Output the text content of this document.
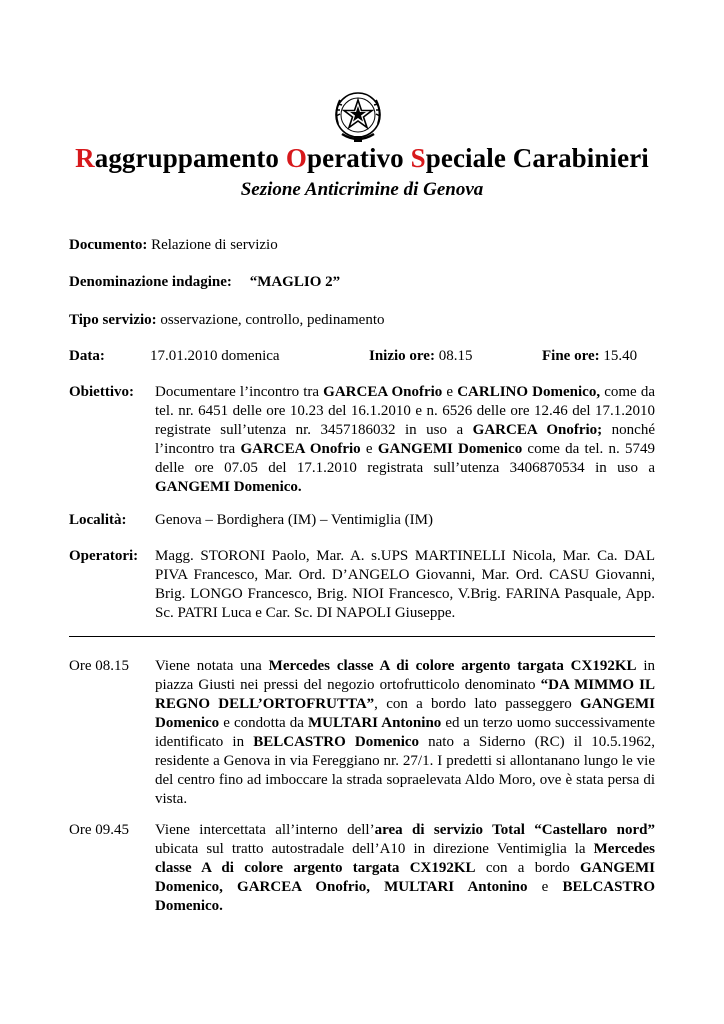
Raggruppamento Operativo Speciale Carabinieri
Sezione Anticrimine di Genova
Documento: Relazione di servizio
Denominazione indagine: “MAGLIO 2”
Tipo servizio: osservazione, controllo, pedinamento
Data:	17.01.2010 domenica	Inizio ore: 08.15	Fine ore: 15.40
Obiettivo: Documentare l’incontro tra GARCEA Onofrio e CARLINO Domenico, come da tel. nr. 6451 delle ore 10.23 del 16.1.2010 e n. 6526 delle ore 12.46 del 17.1.2010 registrate sull’utenza nr. 3457186032 in uso a GARCEA Onofrio; nonché l’incontro tra GARCEA Onofrio e GANGEMI Domenico come da tel. n. 5749 delle ore 07.05 del 17.1.2010 registrata sull’utenza 3406870534 in uso a GANGEMI Domenico.
Località: Genova – Bordighera (IM) – Ventimiglia (IM)
Operatori: Magg. STORONI Paolo, Mar. A. s.UPS MARTINELLI Nicola, Mar. Ca. DAL PIVA Francesco, Mar. Ord. D’ANGELO Giovanni, Mar. Ord. CASU Giovanni, Brig. LONGO Francesco, Brig. NIOI Francesco, V.Brig. FARINA Pasquale, App. Sc. PATRI Luca e Car. Sc. DI NAPOLI Giuseppe.
Ore 08.15 Viene notata una Mercedes classe A di colore argento targata CX192KL in piazza Giusti nei pressi del negozio ortofrutticolo denominato “DA MIMMO IL REGNO DELL’ORTOFRUTTA”, con a bordo lato passeggero GANGEMI Domenico e condotta da MULTARI Antonino ed un terzo uomo successivamente identificato in BELCASTRO Domenico nato a Siderno (RC) il 10.5.1962, residente a Genova in via Fereggiano nr. 27/1. I predetti si allontanano lungo le vie del centro fino ad imboccare la strada sopraelevata Aldo Moro, ove è stata persa di vista.
Ore 09.45 Viene intercettata all’interno dell’area di servizio Total “Castellaro nord” ubicata sul tratto autostradale dell’A10 in direzione Ventimiglia la Mercedes classe A di colore argento targata CX192KL con a bordo GANGEMI Domenico, GARCEA Onofrio, MULTARI Antonino e BELCASTRO Domenico.
